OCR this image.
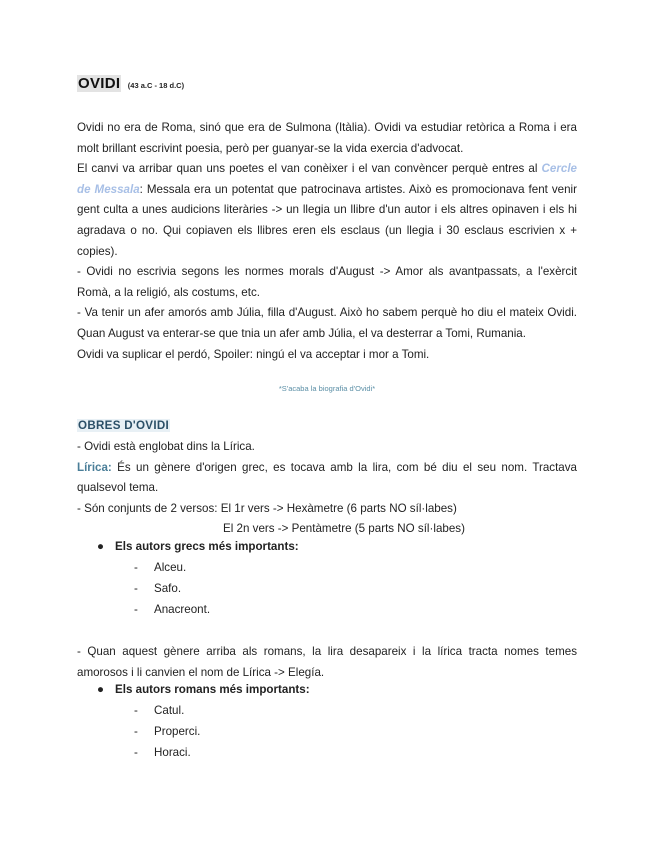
OVIDI (43 a.C - 18 d.C)

Ovidi no era de Roma, sinó que era de Sulmona (Itàlia). Ovidi va estudiar retòrica a Roma i era molt brillant escrivint poesia, però per guanyar-se la vida exercia d'advocat.

El canvi va arribar quan uns poetes el van conèixer i el van convèncer perquè entres al Cercle de Messala: Messala era un potentat que patrocinava artistes. Això es promocionava fent venir gent culta a unes audicions literàries -> un llegia un llibre d'un autor i els altres opinaven i els hi agradava o no. Qui copiaven els llibres eren els esclaus (un llegia i 30 esclaus escrivien x + copies).

- Ovidi no escrivia segons les normes morals d'August -> Amor als avantpassats, a l'exèrcit Romà, a la religió, als costums, etc.

- Va tenir un afer amorós amb Júlia, filla d'August. Això ho sabem perquè ho diu el mateix Ovidi. Quan August va enterar-se que tnia un afer amb Júlia, el va desterrar a Tomi, Rumania.

Ovidi va suplicar el perdó, Spoiler: ningú el va acceptar i mor a Tomi.

*S'acaba la biografia d'Ovidi*
OBRES D'OVIDI

- Ovidi està englobat dins la Lírica.

Lírica: És un gènere d'origen grec, es tocava amb la lira, com bé diu el seu nom. Tractava qualsevol tema.

- Són conjunts de 2 versos: El 1r vers -> Hexàmetre (6 parts NO síl·labes)

El 2n vers -> Pentàmetre (5 parts NO síl·labes)

● Els autors grecs més importants:
- Alceu.
- Safo.
- Anacreont.

- Quan aquest gènere arriba als romans, la lira desapareix i la lírica tracta nomes temes amorosos i li canvien el nom de Lírica -> Elegía.

● Els autors romans més importants:
- Catul.
- Properci.
- Horaci.
